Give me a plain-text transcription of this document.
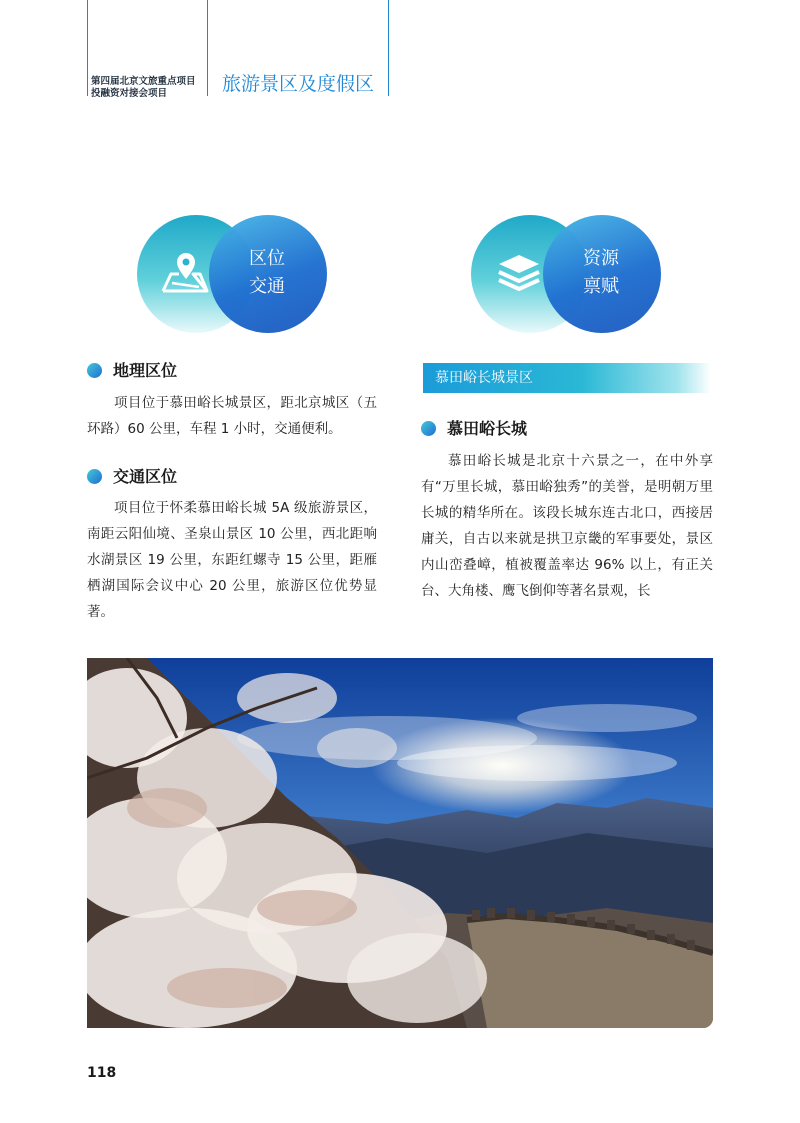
第四届北京文旅重点项目
投融资对接会项目	旅游景区及度假区
区位
交通
资源
禀赋
地理区位
项目位于慕田峪长城景区，距北京城区（五环路）60 公里，车程 1 小时，交通便利。
交通区位
项目位于怀柔慕田峪长城 5A 级旅游景区，南距云阳仙境、圣泉山景区 10 公里，西北距响水湖景区 19 公里，东距红螺寺 15 公里，距雁栖湖国际会议中心 20 公里，旅游区位优势显著。
慕田峪长城景区
慕田峪长城
慕田峪长城是北京十六景之一，在中外享有“万里长城，慕田峪独秀”的美誉，是明朝万里长城的精华所在。该段长城东连古北口，西接居庸关，自古以来就是拱卫京畿的军事要处，景区内山峦叠嶂，植被覆盖率达 96% 以上，有正关台、大角楼、鹰飞倒仰等著名景观，长
118
